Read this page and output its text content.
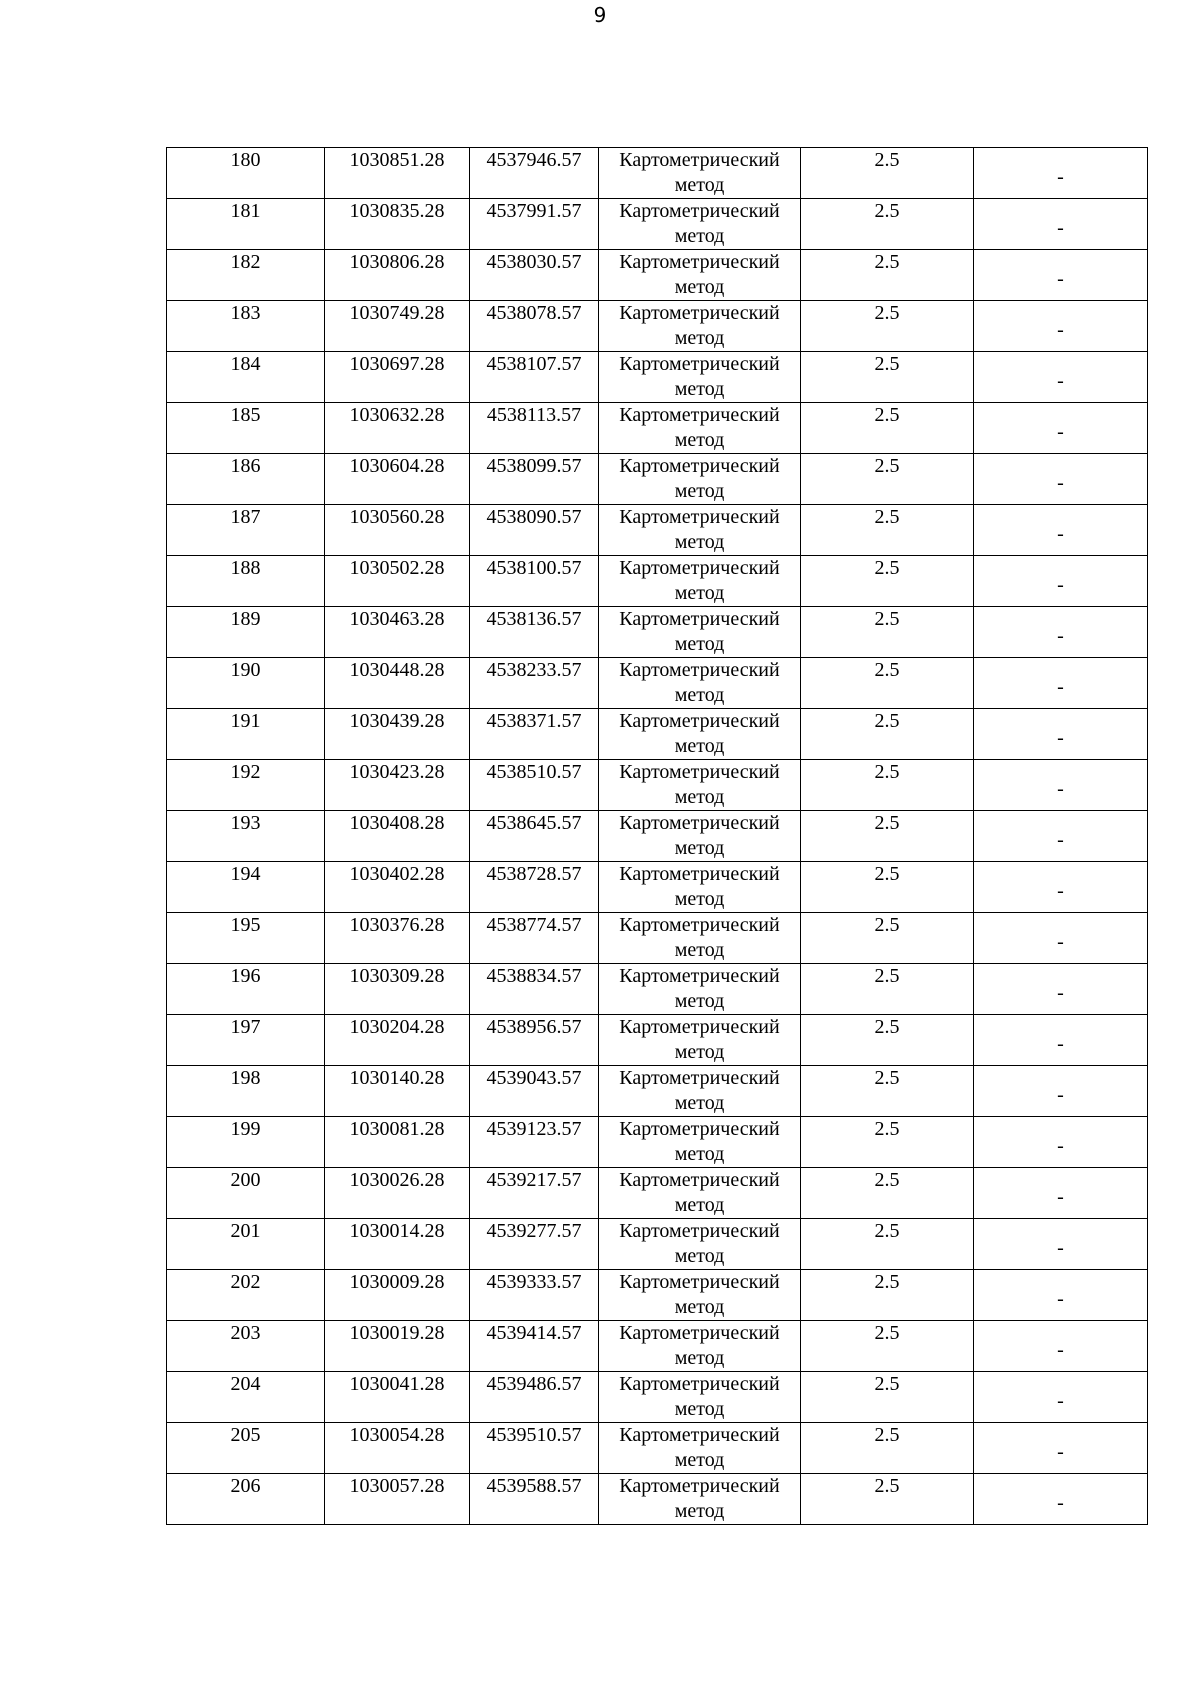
9
180	1030851.28	4537946.57	Картометрический
метод	2.5	-

181	1030835.28	4537991.57	Картометрический
метод	2.5	-

182	1030806.28	4538030.57	Картометрический
метод	2.5	-

183	1030749.28	4538078.57	Картометрический
метод	2.5	-

184	1030697.28	4538107.57	Картометрический
метод	2.5	-

185	1030632.28	4538113.57	Картометрический
метод	2.5	-

186	1030604.28	4538099.57	Картометрический
метод	2.5	-

187	1030560.28	4538090.57	Картометрический
метод	2.5	-

188	1030502.28	4538100.57	Картометрический
метод	2.5	-

189	1030463.28	4538136.57	Картометрический
метод	2.5	-

190	1030448.28	4538233.57	Картометрический
метод	2.5	-

191	1030439.28	4538371.57	Картометрический
метод	2.5	-

192	1030423.28	4538510.57	Картометрический
метод	2.5	-

193	1030408.28	4538645.57	Картометрический
метод	2.5	-

194	1030402.28	4538728.57	Картометрический
метод	2.5	-

195	1030376.28	4538774.57	Картометрический
метод	2.5	-

196	1030309.28	4538834.57	Картометрический
метод	2.5	-

197	1030204.28	4538956.57	Картометрический
метод	2.5	-

198	1030140.28	4539043.57	Картометрический
метод	2.5	-

199	1030081.28	4539123.57	Картометрический
метод	2.5	-

200	1030026.28	4539217.57	Картометрический
метод	2.5	-

201	1030014.28	4539277.57	Картометрический
метод	2.5	-

202	1030009.28	4539333.57	Картометрический
метод	2.5	-

203	1030019.28	4539414.57	Картометрический
метод	2.5	-

204	1030041.28	4539486.57	Картометрический
метод	2.5	-

205	1030054.28	4539510.57	Картометрический
метод	2.5	-

206	1030057.28	4539588.57	Картометрический
метод	2.5	-
